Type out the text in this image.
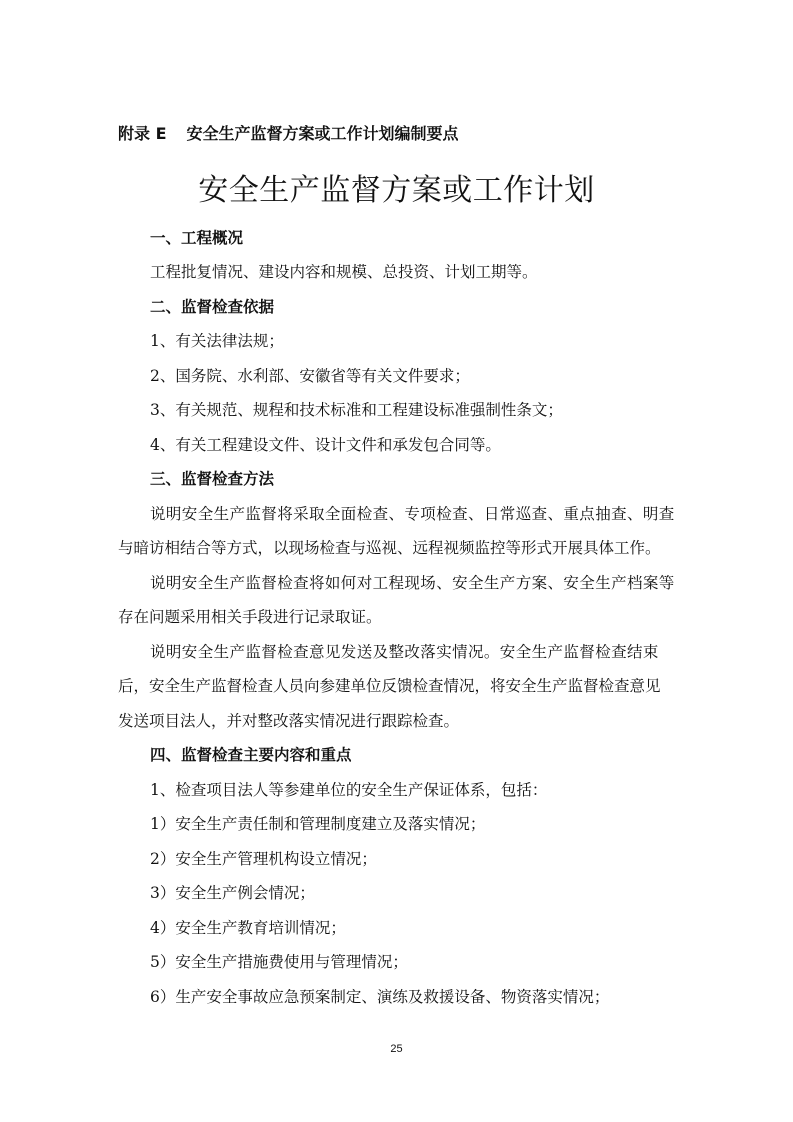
附录 E 安全生产监督方案或工作计划编制要点
安全生产监督方案或工作计划
一、工程概况
工程批复情况、建设内容和规模、总投资、计划工期等。
二、监督检查依据
1、有关法律法规；
2、国务院、水利部、安徽省等有关文件要求；
3、有关规范、规程和技术标准和工程建设标准强制性条文；
4、有关工程建设文件、设计文件和承发包合同等。
三、监督检查方法
说明安全生产监督将采取全面检查、专项检查、日常巡查、重点抽查、明查
与暗访相结合等方式，以现场检查与巡视、远程视频监控等形式开展具体工作。
说明安全生产监督检查将如何对工程现场、安全生产方案、安全生产档案等
存在问题采用相关手段进行记录取证。
说明安全生产监督检查意见发送及整改落实情况。安全生产监督检查结束
后，安全生产监督检查人员向参建单位反馈检查情况，将安全生产监督检查意见
发送项目法人，并对整改落实情况进行跟踪检查。
四、监督检查主要内容和重点
1、检查项目法人等参建单位的安全生产保证体系，包括：
1）安全生产责任制和管理制度建立及落实情况；
2）安全生产管理机构设立情况；
3）安全生产例会情况；
4）安全生产教育培训情况；
5）安全生产措施费使用与管理情况；
6）生产安全事故应急预案制定、演练及救援设备、物资落实情况；
25
